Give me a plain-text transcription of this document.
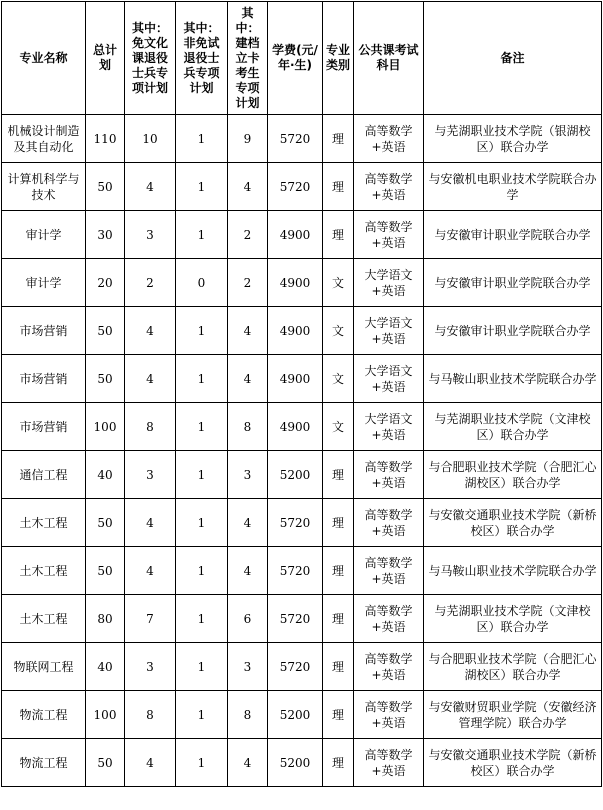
专业名称	总计划	其中：免文化课退役士兵专项计划	其中：非免试退役士兵专项计划	其中：建档立卡考生专项计划	学费(元/年·生)	专业类别	公共课考试科目	备注
机械设计制造及其自动化	110	10	1	9	5720	理	高等数学+英语	与芜湖职业技术学院（银湖校区）联合办学
计算机科学与技术	50	4	1	4	5720	理	高等数学+英语	与安徽机电职业技术学院联合办学
审计学	30	3	1	2	4900	理	高等数学+英语	与安徽审计职业学院联合办学
审计学	20	2	0	2	4900	文	大学语文+英语	与安徽审计职业学院联合办学
市场营销	50	4	1	4	4900	文	大学语文+英语	与安徽审计职业学院联合办学
市场营销	50	4	1	4	4900	文	大学语文+英语	与马鞍山职业技术学院联合办学
市场营销	100	8	1	8	4900	文	大学语文+英语	与芜湖职业技术学院（文津校区）联合办学
通信工程	40	3	1	3	5200	理	高等数学+英语	与合肥职业技术学院（合肥汇心湖校区）联合办学
土木工程	50	4	1	4	5720	理	高等数学+英语	与安徽交通职业技术学院（新桥校区）联合办学
土木工程	50	4	1	4	5720	理	高等数学+英语	与马鞍山职业技术学院联合办学
土木工程	80	7	1	6	5720	理	高等数学+英语	与芜湖职业技术学院（文津校区）联合办学
物联网工程	40	3	1	3	5720	理	高等数学+英语	与合肥职业技术学院（合肥汇心湖校区）联合办学
物流工程	100	8	1	8	5200	理	高等数学+英语	与安徽财贸职业学院（安徽经济管理学院）联合办学
物流工程	50	4	1	4	5200	理	高等数学+英语	与安徽交通职业技术学院（新桥校区）联合办学
